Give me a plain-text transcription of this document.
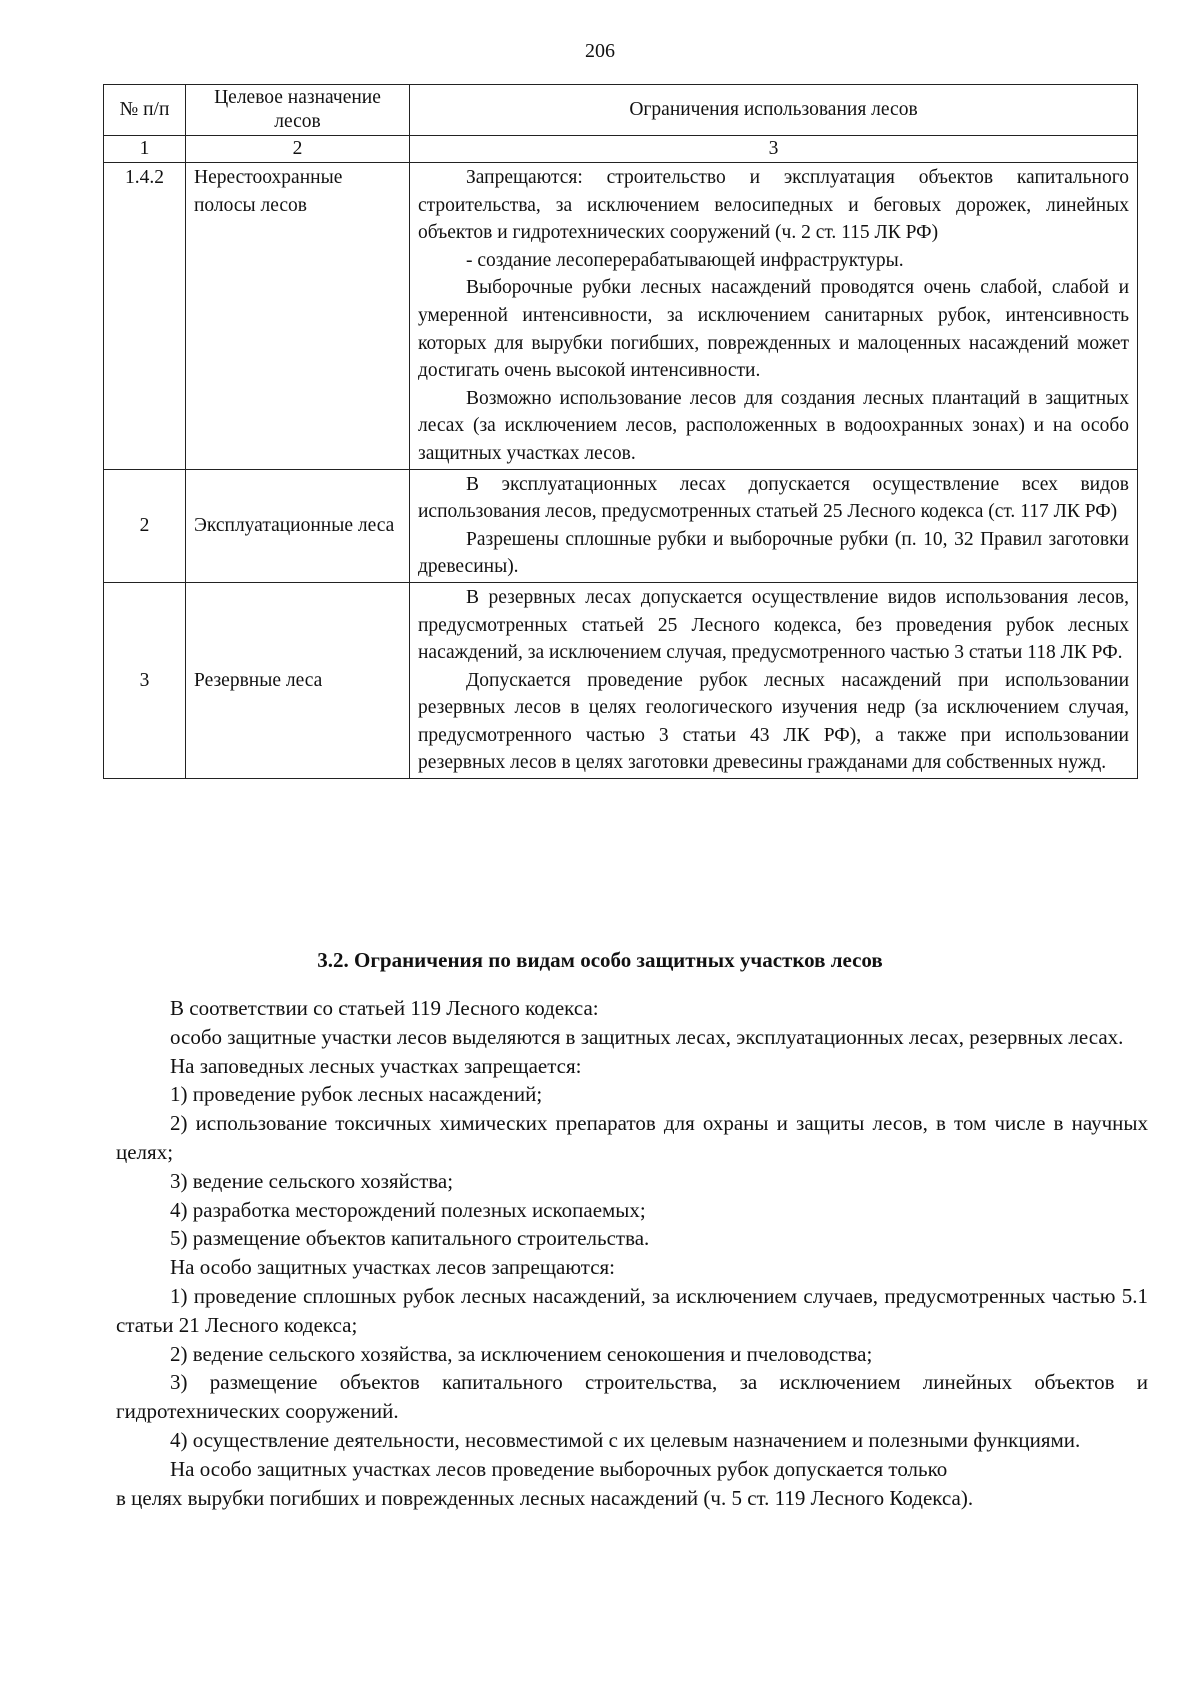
206
№ п/п	Целевое назначение лесов	Ограничения использования лесов
1	2	3
1.4.2	Нерестоохранные полосы лесов	Запрещаются: строительство и эксплуатация объектов капитального строительства, за исключением велосипедных и беговых дорожек, линейных объектов и гидротехнических сооружений (ч. 2 ст. 115 ЛК РФ)

- создание лесоперерабатывающей инфраструктуры.

Выборочные рубки лесных насаждений проводятся очень слабой, слабой и умеренной интенсивности, за исключением санитарных рубок, интенсивность которых для вырубки погибших, поврежденных и малоценных насаждений может достигать очень высокой интенсивности.

Возможно использование лесов для создания лесных плантаций в защитных лесах (за исключением лесов, расположенных в водоохранных зонах) и на особо защитных участках лесов.

2	Эксплуатационные леса	В эксплуатационных лесах допускается осуществление всех видов использования лесов, предусмотренных статьей 25 Лесного кодекса (ст. 117 ЛК РФ)

Разрешены сплошные рубки и выборочные рубки (п. 10, 32 Правил заготовки древесины).

3	Резервные леса	В резервных лесах допускается осуществление видов использования лесов, предусмотренных статьей 25 Лесного кодекса, без проведения рубок лесных насаждений, за исключением случая, предусмотренного частью 3 статьи 118 ЛК РФ.

Допускается проведение рубок лесных насаждений при использовании резервных лесов в целях геологического изучения недр (за исключением случая, предусмотренного частью 3 статьи 43 ЛК РФ), а также при использовании резервных лесов в целях заготовки древесины гражданами для собственных нужд.

3.2. Ограничения по видам особо защитных участков лесов

В соответствии со статьей 119 Лесного кодекса:

особо защитные участки лесов выделяются в защитных лесах, эксплуатационных лесах, резервных лесах.

На заповедных лесных участках запрещается:

1) проведение рубок лесных насаждений;

2) использование токсичных химических препаратов для охраны и защиты лесов, в том числе в научных целях;

3) ведение сельского хозяйства;

4) разработка месторождений полезных ископаемых;

5) размещение объектов капитального строительства.

На особо защитных участках лесов запрещаются:

1) проведение сплошных рубок лесных насаждений, за исключением случаев, предусмотренных частью 5.1 статьи 21 Лесного кодекса;

2) ведение сельского хозяйства, за исключением сенокошения и пчеловодства;

3) размещение объектов капитального строительства, за исключением линейных объектов и гидротехнических сооружений.

4) осуществление деятельности, несовместимой с их целевым назначением и полезными функциями.

На особо защитных участках лесов проведение выборочных рубок допускается только

в целях вырубки погибших и поврежденных лесных насаждений (ч. 5 ст. 119 Лесного Кодекса).
